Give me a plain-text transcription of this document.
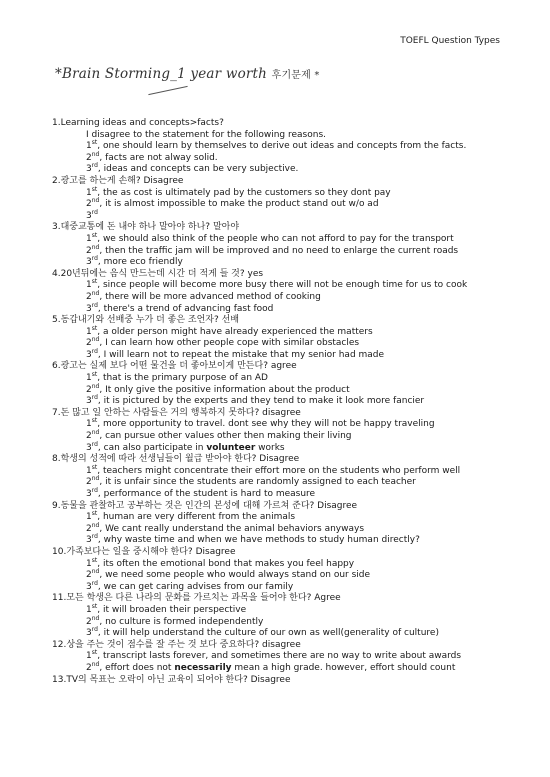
TOEFL Question Types
*Brain Storming_1 year worth 후기문제 *
1.Learning ideas and concepts>facts?
I disagree to the statement for the following reasons.
1st, one should learn by themselves to derive out ideas and concepts from the facts.
2nd, facts are not alway solid.
3rd, ideas and concepts can be very subjective.
2.광고를 하는게 손해? Disagree
1st, the as cost is ultimately pad by the customers so they dont pay
2nd, it is almost impossible to make the product stand out w/o ad
3rd
3.대중교통에 돈 내야 하나 말아야 하나? 말아야
1st, we should also think of the people who can not afford to pay for the transport
2nd, then the traffic jam will be improved and no need to enlarge the current roads
3rd, more eco friendly
4.20년뒤에는 음식 만드는데 시간 더 적게 들 것? yes
1st, since people will become more busy there will not be enough time for us to cook
2nd, there will be more advanced method of cooking
3rd, there's a trend of advancing fast food
5.동갑내기와 선배중 누가 더 좋은 조언자? 선배
1st, a older person might have already experienced the matters
2nd, I can learn how other people cope with similar obstacles
3rd, I will learn not to repeat the mistake that my senior had made
6.광고는 실제 보다 어떤 물건을 더 좋아보이게 만든다? agree
1st, that is the primary purpose of an AD
2nd, It only give the positive information about the product
3rd, it is pictured by the experts and they tend to make it look more fancier
7.돈 많고 일 안하는 사람들은 거의 행복하지 못하다? disagree
1st, more opportunity to travel. dont see why they will not be happy traveling
2nd, can pursue other values other then making their living
3rd, can also participate in volunteer works
8.학생의 성적에 따라 선생님들이 월급 받아야 한다? Disagree
1st, teachers might concentrate their effort more on the students who perform well
2nd, it is unfair since the students are randomly assigned to each teacher
3rd, performance of the student is hard to measure
9.동물을 관찰하고 공부하는 것은 인간의 본성에 대해 가르쳐 준다? Disagree
1st, human are very different from the animals
2nd, We cant really understand the animal behaviors anyways
3rd, why waste time and when we have methods to study human directly?
10.가족보다는 일을 중시해야 한다? Disagree
1st, its often the emotional bond that makes you feel happy
2nd, we need some people who would always stand on our side
3rd, we can get caring advises from our family
11.모든 학생은 다른 나라의 문화를 가르치는 과목을 들어야 한다? Agree
1st, it will broaden their perspective
2nd, no culture is formed independently
3rd, it will help understand the culture of our own as well(generality of culture)
12.상을 주는 것이 점수를 잘 주는 것 보다 중요하다? disagree
1st, transcript lasts forever, and sometimes there are no way to write about awards
2nd, effort does not necessarily mean a high grade. however, effort should count
13.TV의 목표는 오락이 아닌 교육이 되어야 한다? Disagree
